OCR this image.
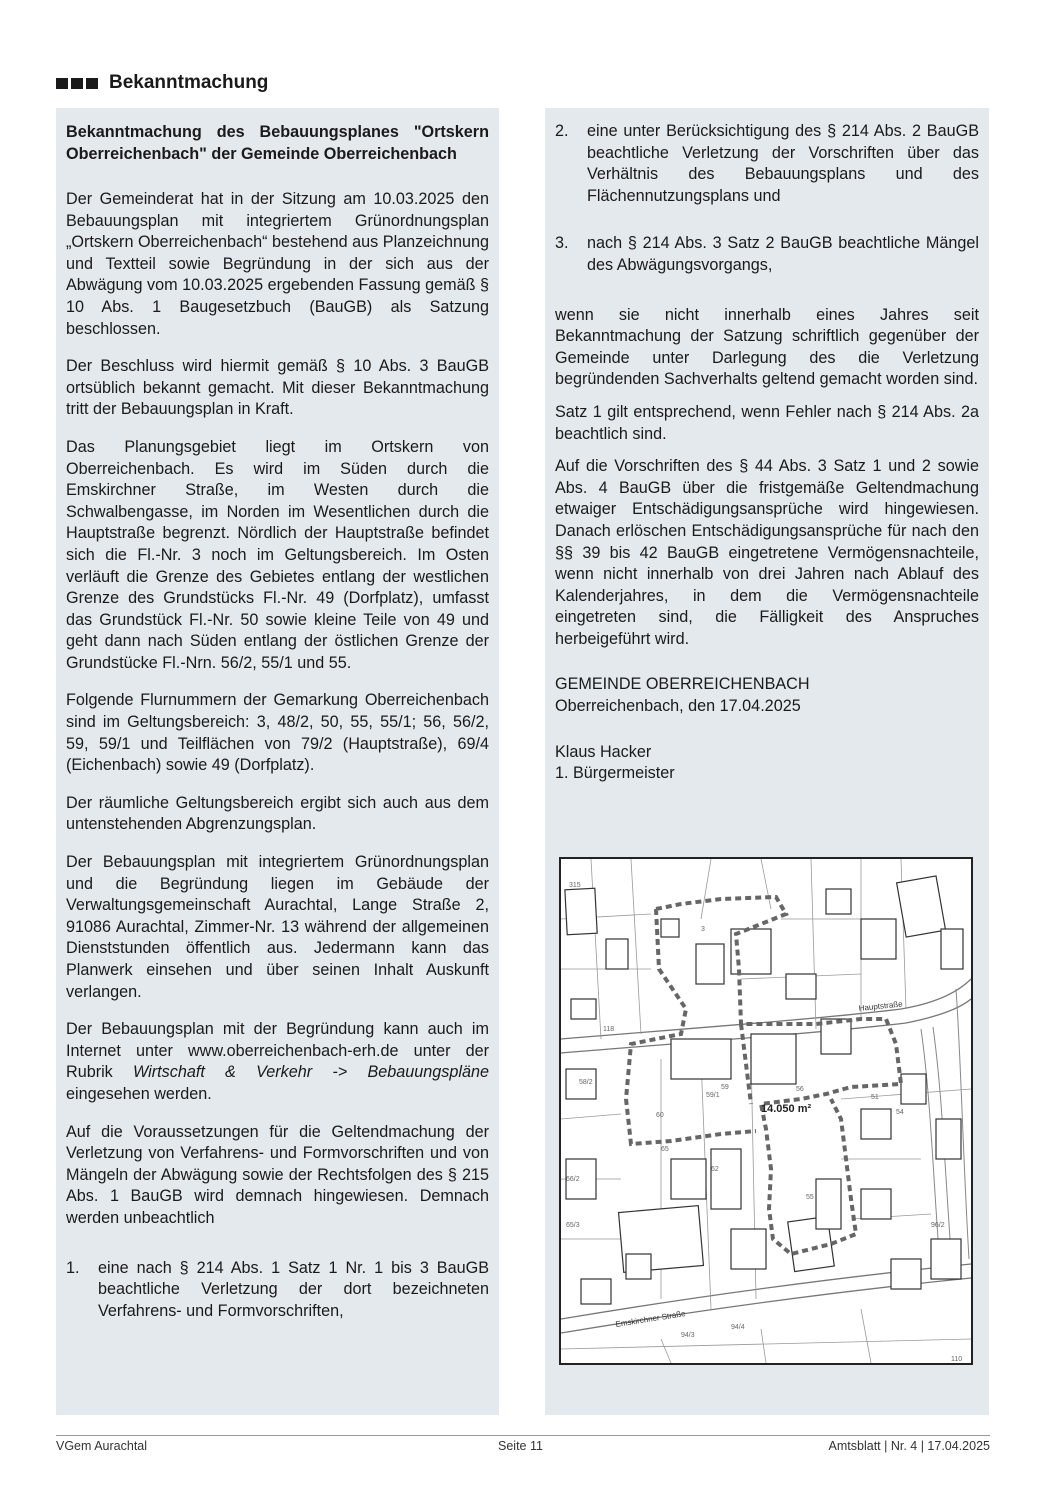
Bekanntmachung
Bekanntmachung des Bebauungsplanes "Ortskern Oberreichenbach" der Gemeinde Oberreichenbach

Der Gemeinderat hat in der Sitzung am 10.03.2025 den Bebauungsplan mit integriertem Grünordnungsplan „Ortskern Oberreichenbach“ bestehend aus Planzeichnung und Textteil sowie Begründung in der sich aus der Abwägung vom 10.03.2025 ergebenden Fassung gemäß § 10 Abs. 1 Baugesetzbuch (BauGB) als Satzung beschlossen.

Der Beschluss wird hiermit gemäß § 10 Abs. 3 BauGB ortsüblich bekannt gemacht. Mit dieser Bekanntmachung tritt der Bebauungsplan in Kraft.

Das Planungsgebiet liegt im Ortskern von Oberreichenbach. Es wird im Süden durch die Emskirchner Straße, im Westen durch die Schwalbengasse, im Norden im Wesentlichen durch die Hauptstraße begrenzt. Nördlich der Hauptstraße befindet sich die Fl.-Nr. 3 noch im Geltungsbereich. Im Osten verläuft die Grenze des Gebietes entlang der westlichen Grenze des Grundstücks Fl.-Nr. 49 (Dorfplatz), umfasst das Grundstück Fl.-Nr. 50 sowie kleine Teile von 49 und geht dann nach Süden entlang der östlichen Grenze der Grundstücke Fl.-Nrn. 56/2, 55/1 und 55.

Folgende Flurnummern der Gemarkung Oberreichenbach sind im Geltungsbereich: 3, 48/2, 50, 55, 55/1; 56, 56/2, 59, 59/1 und Teilflächen von 79/2 (Hauptstraße), 69/4 (Eichenbach) sowie 49 (Dorfplatz).

Der räumliche Geltungsbereich ergibt sich auch aus dem untenstehenden Abgrenzungsplan.

Der Bebauungsplan mit integriertem Grünordnungsplan und die Begründung liegen im Gebäude der Verwaltungsgemeinschaft Aurachtal, Lange Straße 2, 91086 Aurachtal, Zimmer-Nr. 13 während der allgemeinen Dienststunden öffentlich aus. Jedermann kann das Planwerk einsehen und über seinen Inhalt Auskunft verlangen.

Der Bebauungsplan mit der Begründung kann auch im Internet unter www.oberreichenbach-erh.de unter der Rubrik Wirtschaft & Verkehr -> Bebauungspläne eingesehen werden.

Auf die Voraussetzungen für die Geltendmachung der Verletzung von Verfahrens- und Formvorschriften und von Mängeln der Abwägung sowie der Rechtsfolgen des § 215 Abs. 1 BauGB wird demnach hingewiesen. Demnach werden unbeachtlich

1.	eine nach § 214 Abs. 1 Satz 1 Nr. 1 bis 3 BauGB beachtliche Verletzung der dort bezeichneten Verfahrens- und Formvorschriften,
2.	eine unter Berücksichtigung des § 214 Abs. 2 BauGB beachtliche Verletzung der Vorschriften über das Verhältnis des Bebauungsplans und des Flächennutzungsplans und
3.	nach § 214 Abs. 3 Satz 2 BauGB beachtliche Mängel des Abwägungsvorgangs,

wenn sie nicht innerhalb eines Jahres seit Bekanntmachung der Satzung schriftlich gegenüber der Gemeinde unter Darlegung des die Verletzung begründenden Sachverhalts geltend gemacht worden sind.

Satz 1 gilt entsprechend, wenn Fehler nach § 214 Abs. 2a beachtlich sind.

Auf die Vorschriften des § 44 Abs. 3 Satz 1 und 2 sowie Abs. 4 BauGB über die fristgemäße Geltendmachung etwaiger Entschädigungsansprüche wird hingewiesen. Danach erlöschen Entschädigungsansprüche für nach den §§ 39 bis 42 BauGB eingetretene Vermögensnachteile, wenn nicht innerhalb von drei Jahren nach Ablauf des Kalenderjahres, in dem die Vermögensnachteile eingetreten sind, die Fälligkeit des Anspruches herbeigeführt wird.

GEMEINDE OBERREICHENBACH

Oberreichenbach, den 17.04.2025

Klaus Hacker

1. Bürgermeister

315
3
118
59/1
60
59	56
55
54
51
62
65
66/2
65/3
58/2
94/3
94/4
96/2
110
Hauptstraße
Emskirchner Straße
14.050 m²
VGem Aurachtal	Seite 11	Amtsblatt | Nr. 4 | 17.04.2025
